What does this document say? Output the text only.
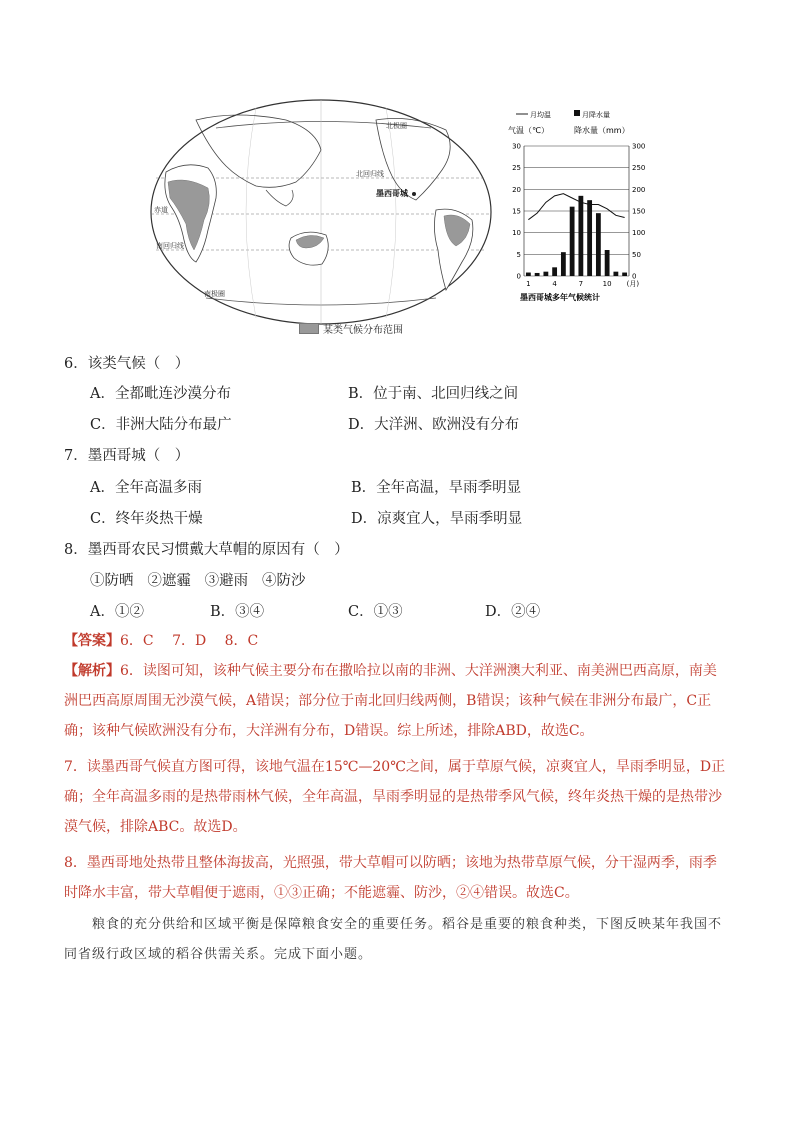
北极圈
北回归线
赤道
南回归线
南极圈
墨西哥城
某类气候分布范围
月均温	月降水量
气温（℃）	降水量（mm）
墨西哥城多年气候统计
0	0
5	50
10	100
15	150
20	200
25	250
30	300
1	4	7	10 (月)
6．该类气候（　）
A．全都毗连沙漠分布	B．位于南、北回归线之间
C．非洲大陆分布最广	D．大洋洲、欧洲没有分布
7．墨西哥城（　）
A．全年高温多雨	B．全年高温，旱雨季明显
C．终年炎热干燥	D．凉爽宜人，旱雨季明显
8．墨西哥农民习惯戴大草帽的原因有（　）
①防晒 ②遮霾 ③避雨 ④防沙
A．①②	B．③④	C．①③	D．②④
【答案】6．C　 7．D　 8．C
【解析】6．读图可知，该种气候主要分布在撒哈拉以南的非洲、大洋洲澳大利亚、南美洲巴西高原，南美洲巴西高原周围无沙漠气候，A错误；部分位于南北回归线两侧，B错误；该种气候在非洲分布最广，C正确；该种气候欧洲没有分布，大洋洲有分布，D错误。综上所述，排除ABD，故选C。
7．读墨西哥气候直方图可得，该地气温在15℃—20℃之间，属于草原气候，凉爽宜人，旱雨季明显，D正确；全年高温多雨的是热带雨林气候，全年高温，旱雨季明显的是热带季风气候，终年炎热干燥的是热带沙漠气候，排除ABC。故选D。
8．墨西哥地处热带且整体海拔高，光照强，带大草帽可以防晒；该地为热带草原气候，分干湿两季，雨季时降水丰富，带大草帽便于遮雨，①③正确；不能遮霾、防沙，②④错误。故选C。
粮食的充分供给和区域平衡是保障粮食安全的重要任务。稻谷是重要的粮食种类，下图反映某年我国不同省级行政区域的稻谷供需关系。完成下面小题。
